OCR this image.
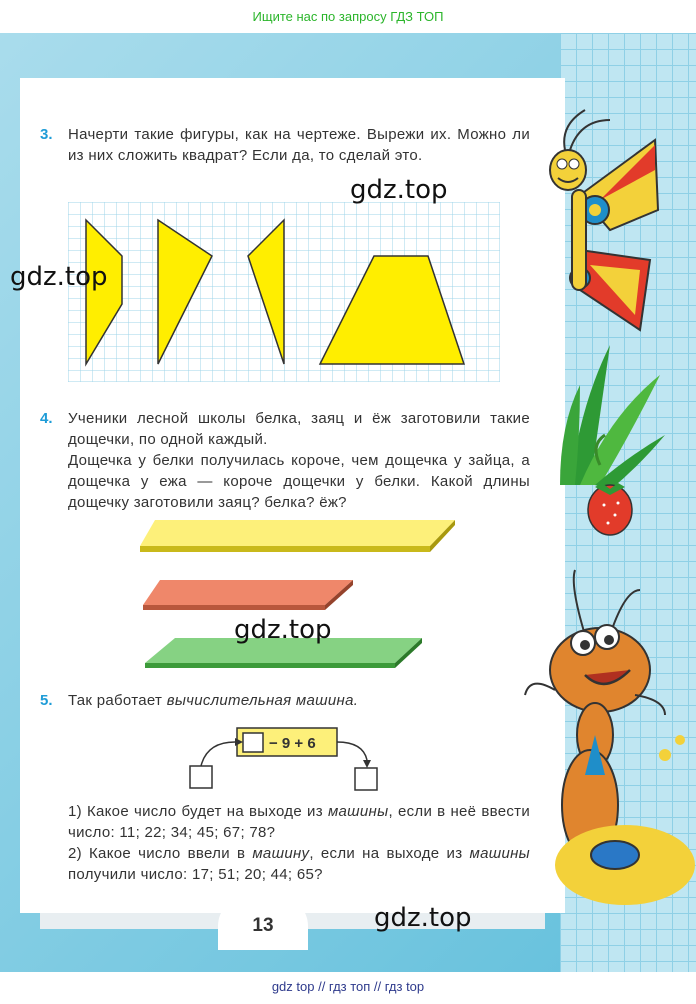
Ищите нас по запросу ГДЗ ТОП
13
3. Начерти такие фигуры, как на чертеже. Вырежи их. Можно ли из них сложить квадрат? Если да, то сделай это.
4. Ученики лесной школы белка, заяц и ёж заготовили такие дощечки, по одной каждый.
Дощечка у белки получилась короче, чем дощечка у зайца, а дощечка у ежа — короче дощечки у белки. Какой длины дощечку заготовили заяц? белка? ёж?
5. Так работает вычислительная машина.
− 9 + 6
1) Какое число будет на выходе из машины, если в неё ввести число: 11; 22; 34; 45; 67; 78?
2) Какое число ввели в машину, если на выходе из машины получили число: 17; 51; 20; 44; 65?
gdz.top
gdz.top
gdz.top
gdz.top
gdz top // гдз топ // гдз top
